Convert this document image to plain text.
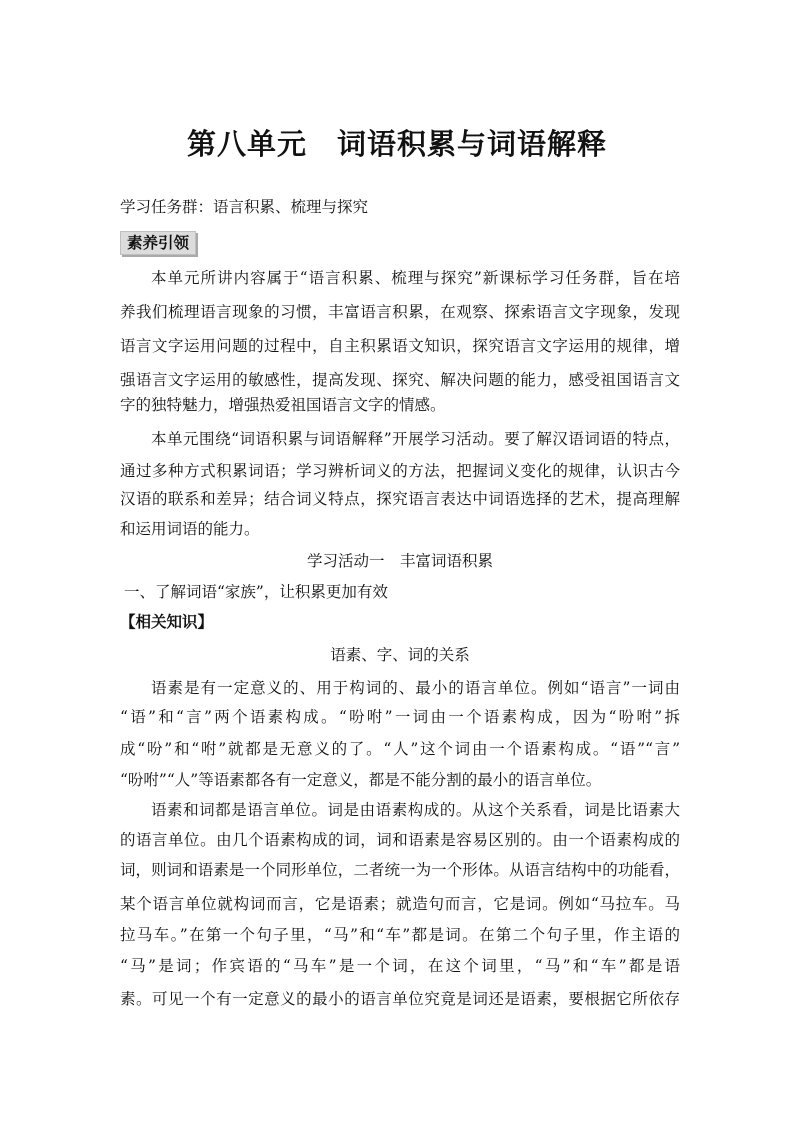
第八单元　词语积累与词语解释
学习任务群：语言积累、梳理与探究
素养引领
本单元所讲内容属于“语言积累、梳理与探究”新课标学习任务群，旨在培
养我们梳理语言现象的习惯，丰富语言积累，在观察、探索语言文字现象，发现
语言文字运用问题的过程中，自主积累语文知识，探究语言文字运用的规律，增
强语言文字运用的敏感性，提高发现、探究、解决问题的能力，感受祖国语言文
字的独特魅力，增强热爱祖国语言文字的情感。
本单元围绕“词语积累与词语解释”开展学习活动。要了解汉语词语的特点，
通过多种方式积累词语；学习辨析词义的方法，把握词义变化的规律，认识古今
汉语的联系和差异；结合词义特点，探究语言表达中词语选择的艺术，提高理解
和运用词语的能力。
学习活动一　丰富词语积累
一、了解词语“家族”，让积累更加有效
【相关知识】
语素、字、词的关系
语素是有一定意义的、用于构词的、最小的语言单位。例如“语言”一词由
“语”和“言”两个语素构成。“吩咐”一词由一个语素构成，因为“吩咐”拆
成“吩”和“咐”就都是无意义的了。“人”这个词由一个语素构成。“语”“言”
“吩咐”“人”等语素都各有一定意义，都是不能分割的最小的语言单位。
语素和词都是语言单位。词是由语素构成的。从这个关系看，词是比语素大
的语言单位。由几个语素构成的词，词和语素是容易区别的。由一个语素构成的
词，则词和语素是一个同形单位，二者统一为一个形体。从语言结构中的功能看，
某个语言单位就构词而言，它是语素；就造句而言，它是词。例如“马拉车。马
拉马车。”在第一个句子里，“马”和“车”都是词。在第二个句子里，作主语的
“马”是词；作宾语的“马车”是一个词，在这个词里，“马”和“车”都是语
素。可见一个有一定意义的最小的语言单位究竟是词还是语素，要根据它所依存
